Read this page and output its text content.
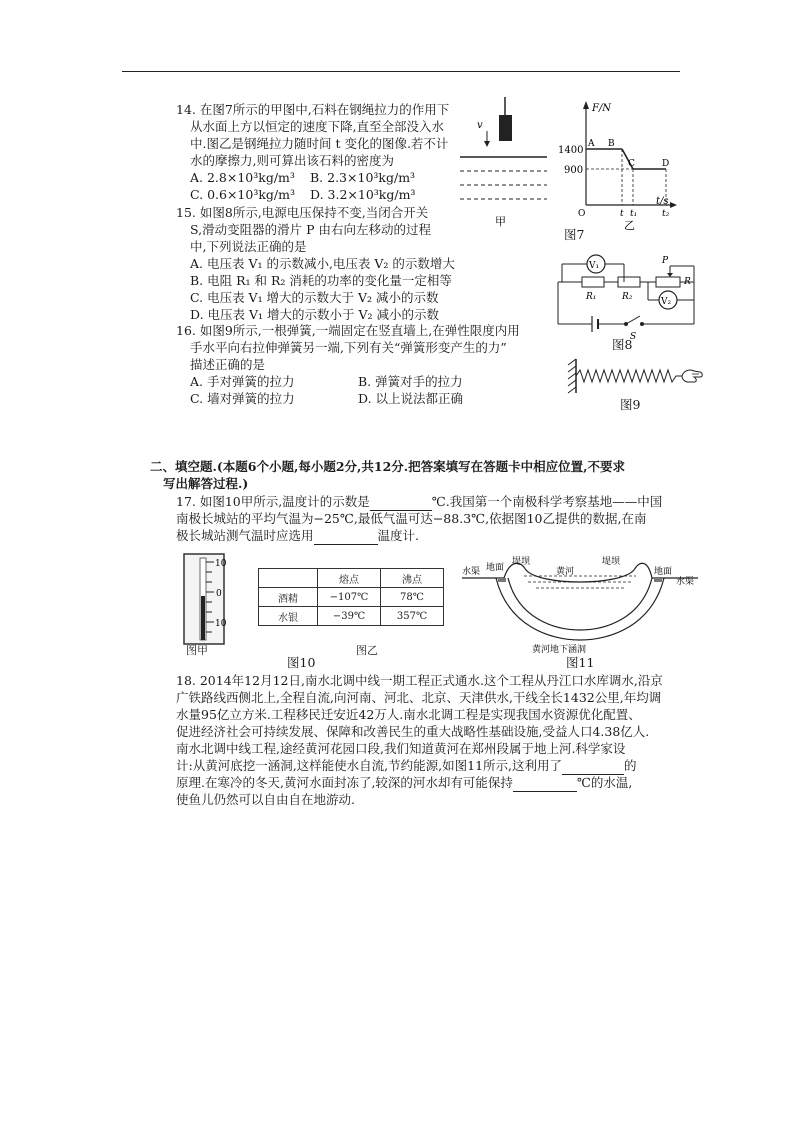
14. 在图7所示的甲图中,石料在钢绳拉力的作用下
从水面上方以恒定的速度下降,直至全部没入水
中.图乙是钢绳拉力随时间 t 变化的图像.若不计
水的摩擦力,则可算出该石料的密度为
A. 2.8×10³kg/m³ B. 2.3×10³kg/m³
C. 0.6×10³kg/m³ D. 3.2×10³kg/m³
v
甲
F/N
t/s
1400
900
O
A B
C	D
t t₁	t₂
乙
图7
15. 如图8所示,电源电压保持不变,当闭合开关
S,滑动变阻器的滑片 P 由右向左移动的过程
中,下列说法正确的是
A. 电压表 V₁ 的示数减小,电压表 V₂ 的示数增大
B. 电阻 R₁ 和 R₂ 消耗的功率的变化量一定相等
C. 电压表 V₁ 增大的示数大于 V₂ 减小的示数
D. 电压表 V₁ 增大的示数小于 V₂ 减小的示数
V₁
R₁	R₂
R
P
V₂
S
图8
16. 如图9所示,一根弹簧,一端固定在竖直墙上,在弹性限度内用
手水平向右拉伸弹簧另一端,下列有关“弹簧形变产生的力”
描述正确的是
A. 手对弹簧的拉力	B. 弹簧对手的拉力
C. 墙对弹簧的拉力	D. 以上说法都正确	图9
二、填空题.(本题6个小题,每小题2分,共12分.把答案填写在答题卡中相应位置,不要求
写出解答过程.)
17. 如图10甲所示,温度计的示数是	℃.我国第一个南极科学考察基地——中国
南极长城站的平均气温为−25℃,最低气温可达−88.3℃,依据图10乙提供的数据,在南
极长城站测气温时应选用	温度计.
10
0
10
图甲
	熔点	沸点
酒精	−107℃	78℃
水银	−39℃	357℃
图乙
图10
堤坝	堤坝
黄河
水渠 地面	地面
水渠
黄河地下涵洞
图11
18. 2014年12月12日,南水北调中线一期工程正式通水.这个工程从丹江口水库调水,沿京
广铁路线西侧北上,全程自流,向河南、河北、北京、天津供水,干线全长1432公里,年均调
水量95亿立方米.工程移民迁安近42万人.南水北调工程是实现我国水资源优化配置、
促进经济社会可持续发展、保障和改善民生的重大战略性基础设施,受益人口4.38亿人.
南水北调中线工程,途经黄河花园口段,我们知道黄河在郑州段属于地上河.科学家设
计:从黄河底挖一涵洞,这样能使水自流,节约能源,如图11所示,这利用了	的
原理.在寒冷的冬天,黄河水面封冻了,较深的河水却有可能保持	℃的水温,
使鱼儿仍然可以自由自在地游动.
